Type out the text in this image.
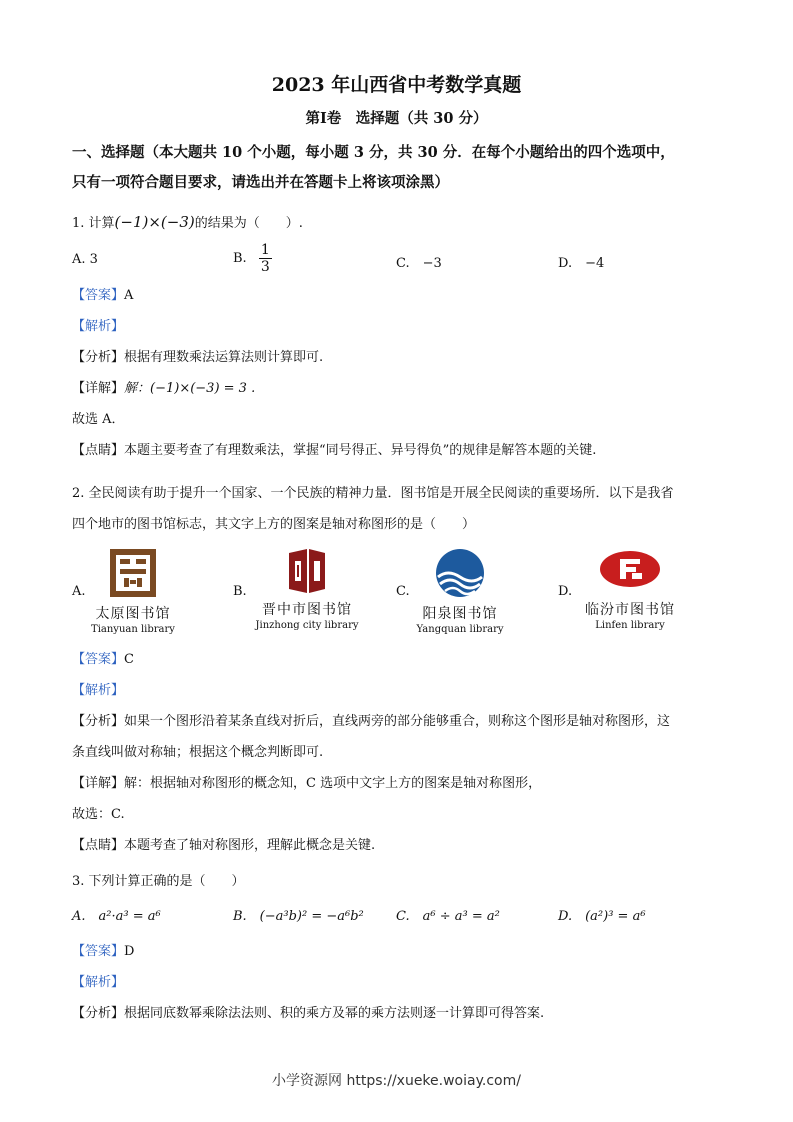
2023 年山西省中考数学真题
第Ⅰ卷　选择题（共 30 分）
一、选择题（本大题共 10 个小题，每小题 3 分，共 30 分．在每个小题给出的四个选项中，
只有一项符合题目要求，请选出并在答题卡上将该项涂黑）
1. 计算(−1)×(−3)的结果为（　　）.
A. 3	B. $\frac{1}{3}$	C.　−3	D.　−4
【答案】A
【解析】
【分析】根据有理数乘法运算法则计算即可.
【详解】解：(−1)×(−3) = 3 .
故选 A．
【点睛】本题主要考查了有理数乘法，掌握“同号得正、异号得负”的规律是解答本题的关键.
2. 全民阅读有助于提升一个国家、一个民族的精神力量．图书馆是开展全民阅读的重要场所．以下是我省
四个地市的图书馆标志，其文字上方的图案是轴对称图形的是（　　）
A.
太原图书馆
Tianyuan library
B.
晋中市图书馆
Jinzhong city library
C.
阳泉图书馆
Yangquan library
D.
临汾市图书馆
Linfen library
【答案】C
【解析】
【分析】如果一个图形沿着某条直线对折后，直线两旁的部分能够重合，则称这个图形是轴对称图形，这
条直线叫做对称轴；根据这个概念判断即可.
【详解】解：根据轴对称图形的概念知，C 选项中文字上方的图案是轴对称图形，
故选：C.
【点睛】本题考查了轴对称图形，理解此概念是关键.
3. 下列计算正确的是（　　）
A.　a²·a³ = a⁶	B.　(−a³b)² = −a⁶b² C.　a⁶ ÷ a³ = a²	D.　(a²)³ = a⁶
【答案】D
【解析】
【分析】根据同底数幂乘除法法则、积的乘方及幂的乘方法则逐一计算即可得答案.
小学资源网 https://xueke.woiay.com/
